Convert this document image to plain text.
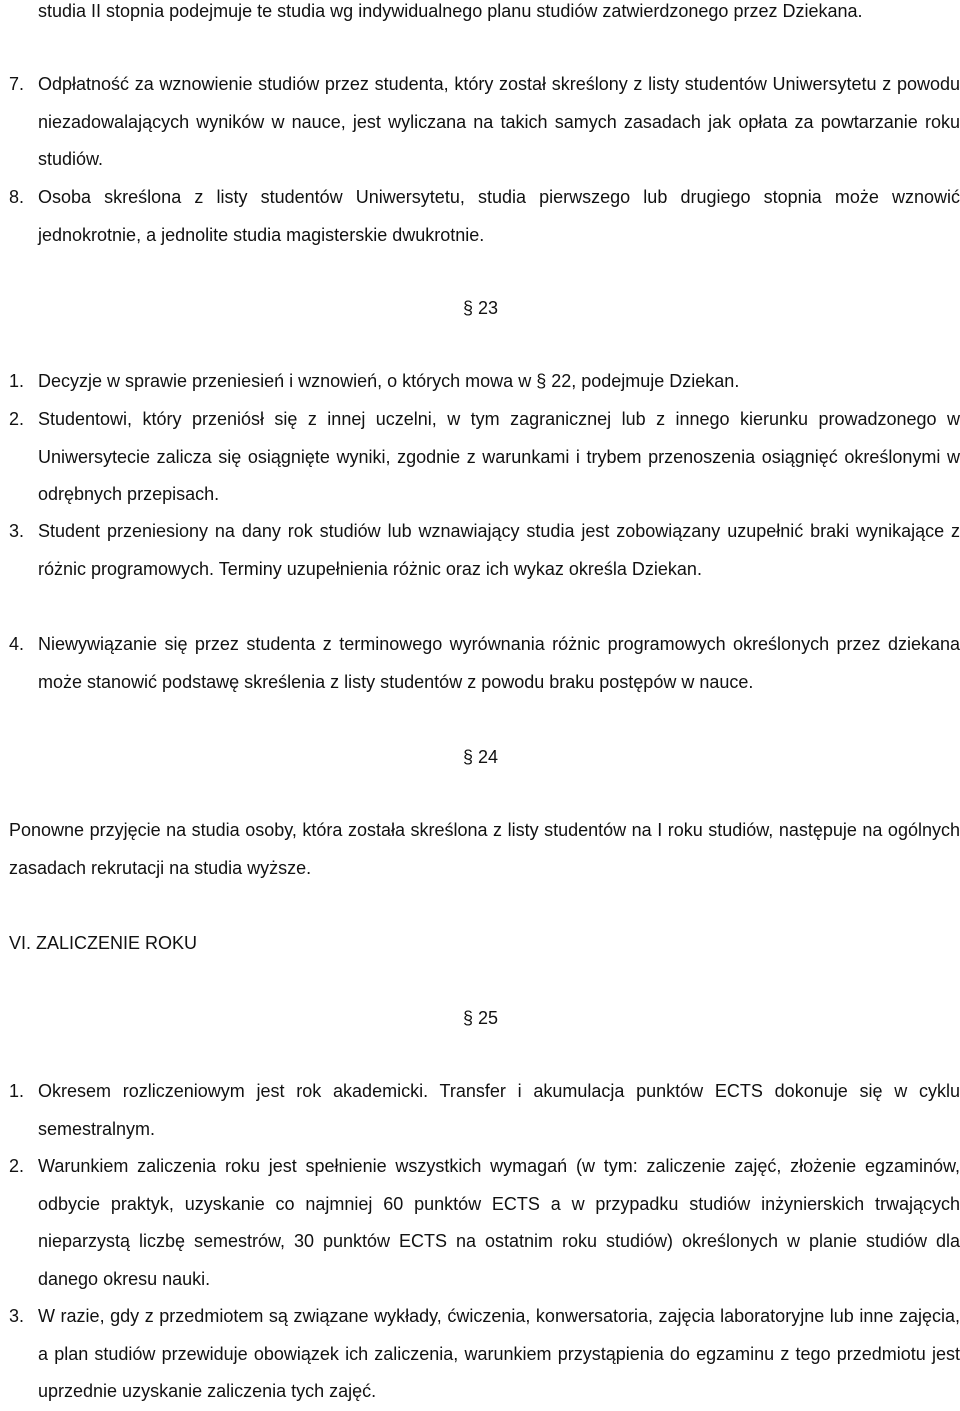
studia II stopnia podejmuje te studia wg indywidualnego planu studiów zatwierdzonego przez Dziekana.

7. Odpłatność za wznowienie studiów przez studenta, który został skreślony z listy studentów Uniwersytetu z powodu niezadowalających wyników w nauce, jest wyliczana na takich samych zasadach jak opłata za powtarzanie roku studiów.
8. Osoba skreślona z listy studentów Uniwersytetu, studia pierwszego lub drugiego stopnia może wznowić jednokrotnie, a jednolite studia magisterskie dwukrotnie.
§ 23
1. Decyzje w sprawie przeniesień i wznowień, o których mowa w § 22, podejmuje Dziekan.
2. Studentowi, który przeniósł się z innej uczelni, w tym zagranicznej lub z innego kierunku prowadzonego w Uniwersytecie zalicza się osiągnięte wyniki, zgodnie z warunkami i trybem przenoszenia osiągnięć określonymi w odrębnych przepisach.
3. Student przeniesiony na dany rok studiów lub wznawiający studia jest zobowiązany uzupełnić braki wynikające z różnic programowych. Terminy uzupełnienia różnic oraz ich wykaz określa Dziekan.
4. Niewywiązanie się przez studenta z terminowego wyrównania różnic programowych określonych przez dziekana może stanowić podstawę skreślenia z listy studentów z powodu braku postępów w nauce.
§ 24

Ponowne przyjęcie na studia osoby, która została skreślona z listy studentów na I roku studiów, następuje na ogólnych zasadach rekrutacji na studia wyższe.

VI. ZALICZENIE ROKU
§ 25
1. Okresem rozliczeniowym jest rok akademicki. Transfer i akumulacja punktów ECTS dokonuje się w cyklu semestralnym.
2. Warunkiem zaliczenia roku jest spełnienie wszystkich wymagań (w tym: zaliczenie zajęć, złożenie egzaminów, odbycie praktyk, uzyskanie co najmniej 60 punktów ECTS a w przypadku studiów inżynierskich trwających nieparzystą liczbę semestrów, 30 punktów ECTS na ostatnim roku studiów) określonych w planie studiów dla danego okresu nauki.
3. W razie, gdy z przedmiotem są związane wykłady, ćwiczenia, konwersatoria, zajęcia laboratoryjne lub inne zajęcia, a plan studiów przewiduje obowiązek ich zaliczenia, warunkiem przystąpienia do egzaminu z tego przedmiotu jest uprzednie uzyskanie zaliczenia tych zajęć.
